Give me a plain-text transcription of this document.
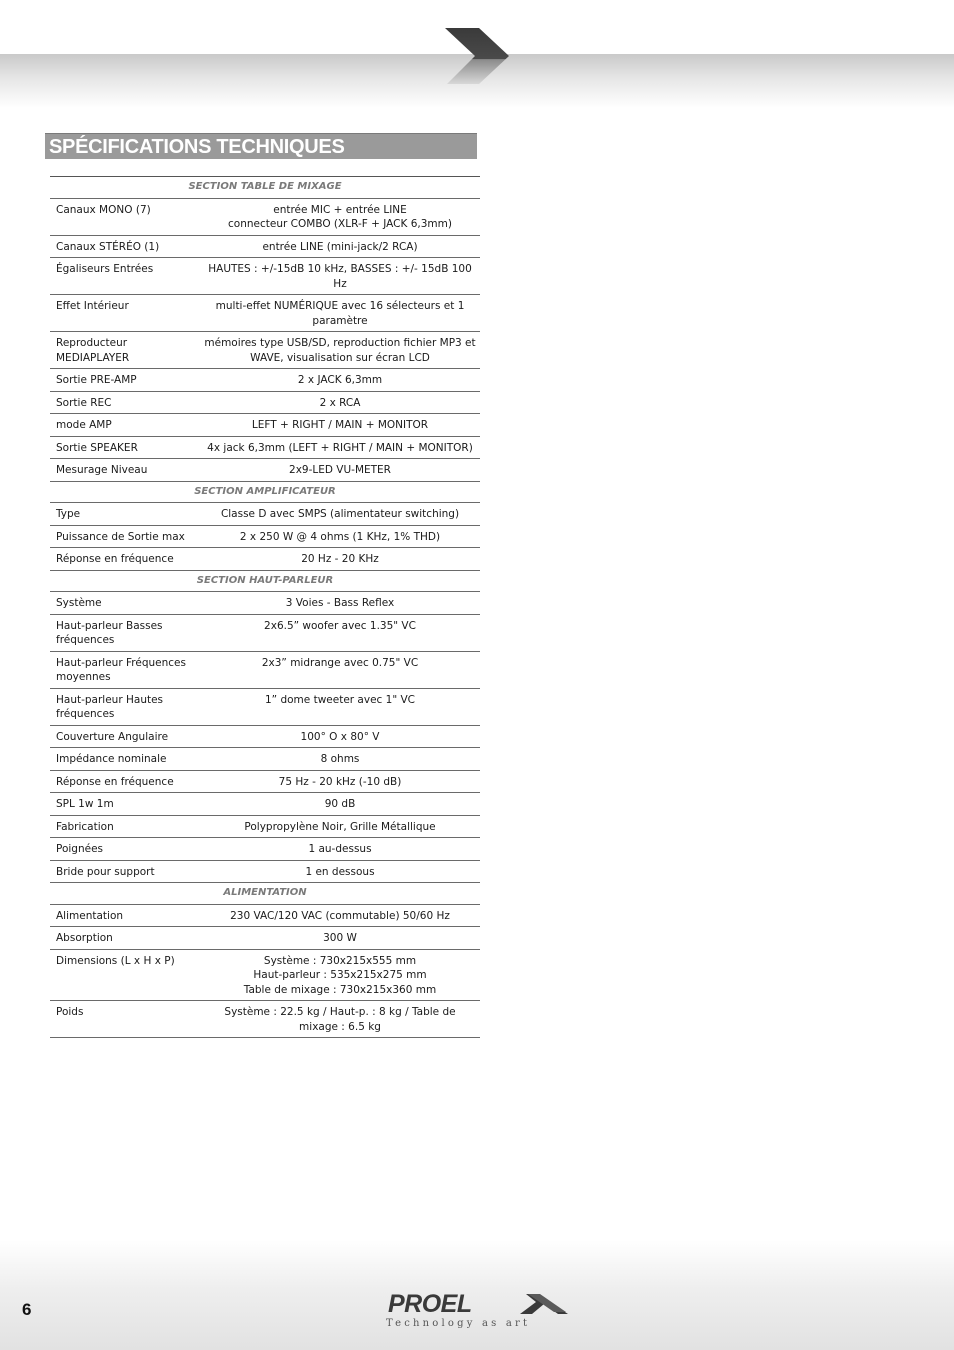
SPÉCIFICATIONS TECHNIQUES
SECTION TABLE DE MIXAGE	
Canaux MONO (7)	entrée MIC + entrée LINE
connecteur COMBO (XLR-F + JACK 6,3mm)
Canaux STÉRÉO (1)	entrée LINE (mini-jack/2 RCA)
Égaliseurs Entrées	HAUTES : +/-15dB 10 kHz, BASSES : +/- 15dB 100 Hz
Effet Intérieur	multi-effet NUMÉRIQUE avec 16 sélecteurs et 1 paramètre
Reproducteur MEDIAPLAYER	mémoires type USB/SD, reproduction fichier MP3 et WAVE, visualisation sur écran LCD
Sortie PRE-AMP	2 x JACK 6,3mm
Sortie REC	2 x RCA
mode AMP	LEFT + RIGHT / MAIN + MONITOR
Sortie SPEAKER	4x jack 6,3mm (LEFT + RIGHT / MAIN + MONITOR)
Mesurage Niveau	2x9-LED VU-METER
SECTION AMPLIFICATEUR	
Type	Classe D avec SMPS (alimentateur switching)
Puissance de Sortie max	2 x 250 W @ 4 ohms (1 KHz, 1% THD)
Réponse en fréquence	20 Hz - 20 KHz
SECTION HAUT-PARLEUR	
Système	3 Voies - Bass Reflex
Haut-parleur Basses fréquences	2x6.5” woofer avec 1.35" VC
Haut-parleur Fréquences moyennes	2x3” midrange avec 0.75" VC
Haut-parleur Hautes fréquences	1” dome tweeter avec 1" VC
Couverture Angulaire	100° O x 80° V
Impédance nominale	8 ohms
Réponse en fréquence	75 Hz - 20 kHz (-10 dB)
SPL 1w 1m	90 dB
Fabrication	Polypropylène Noir, Grille Métallique
Poignées	1 au-dessus
Bride pour support	1 en dessous
ALIMENTATION	
Alimentation	230 VAC/120 VAC (commutable) 50/60 Hz
Absorption	300 W
Dimensions (L x H x P)	Système : 730x215x555 mm
Haut-parleur : 535x215x275 mm
Table de mixage : 730x215x360 mm
Poids	Système : 22.5 kg / Haut-p. : 8 kg / Table de mixage : 6.5 kg
6	PROEL
Technology as art
